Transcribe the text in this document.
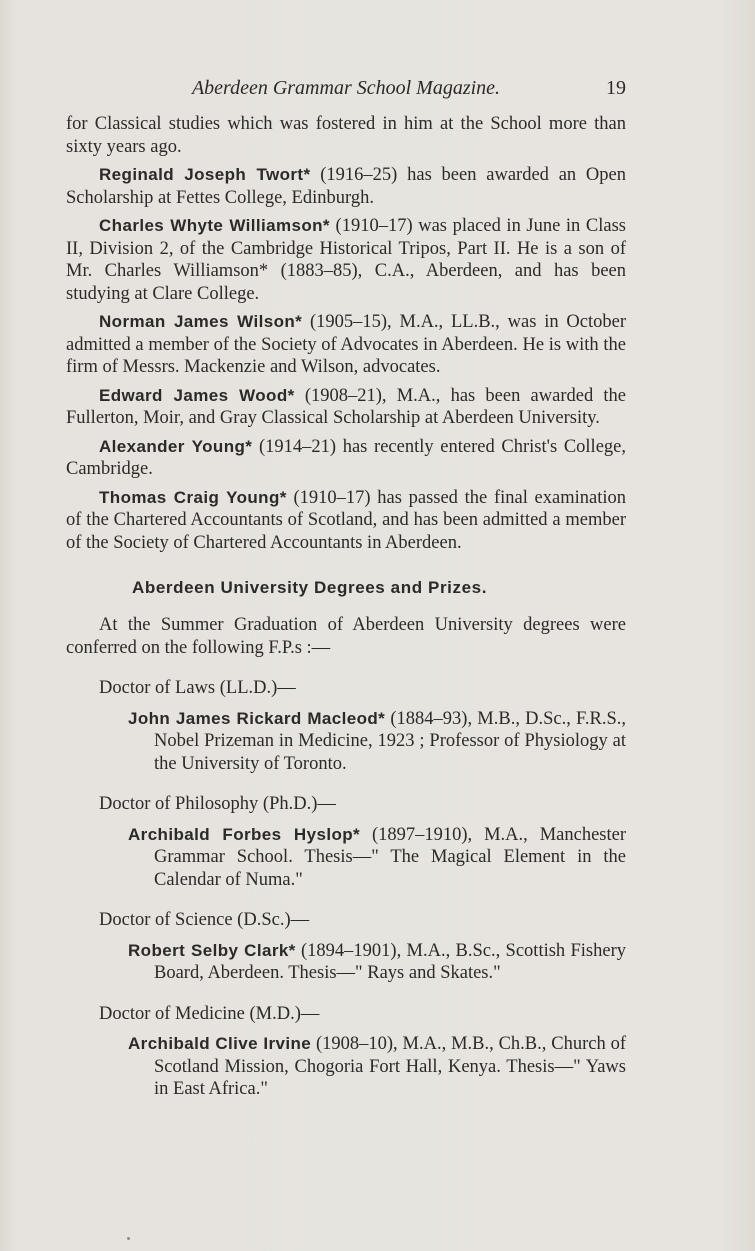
Aberdeen Grammar School Magazine.	19

for Classical studies which was fostered in him at the School more than sixty years ago.

Reginald Joseph Twort* (1916–25) has been awarded an Open Scholarship at Fettes College, Edinburgh.

Charles Whyte Williamson* (1910–17) was placed in June in Class II, Division 2, of the Cambridge Historical Tripos, Part II. He is a son of Mr. Charles Williamson* (1883–85), C.A., Aberdeen, and has been studying at Clare College.

Norman James Wilson* (1905–15), M.A., LL.B., was in October admitted a member of the Society of Advocates in Aberdeen. He is with the firm of Messrs. Mackenzie and Wilson, advocates.

Edward James Wood* (1908–21), M.A., has been awarded the Fullerton, Moir, and Gray Classical Scholarship at Aberdeen University.

Alexander Young* (1914–21) has recently entered Christ's College, Cambridge.

Thomas Craig Young* (1910–17) has passed the final examination of the Chartered Accountants of Scotland, and has been admitted a member of the Society of Chartered Accountants in Aberdeen.

Aberdeen University Degrees and Prizes.

At the Summer Graduation of Aberdeen University degrees were conferred on the following F.P.s :—

Doctor of Laws (LL.D.)—

John James Rickard Macleod* (1884–93), M.B., D.Sc., F.R.S., Nobel Prizeman in Medicine, 1923 ; Professor of Physiology at the University of Toronto.

Doctor of Philosophy (Ph.D.)—

Archibald Forbes Hyslop* (1897–1910), M.A., Manchester Grammar School. Thesis—" The Magical Element in the Calendar of Numa."

Doctor of Science (D.Sc.)—

Robert Selby Clark* (1894–1901), M.A., B.Sc., Scottish Fishery Board, Aberdeen. Thesis—" Rays and Skates."

Doctor of Medicine (M.D.)—

Archibald Clive Irvine (1908–10), M.A., M.B., Ch.B., Church of Scotland Mission, Chogoria Fort Hall, Kenya. Thesis—" Yaws in East Africa."
